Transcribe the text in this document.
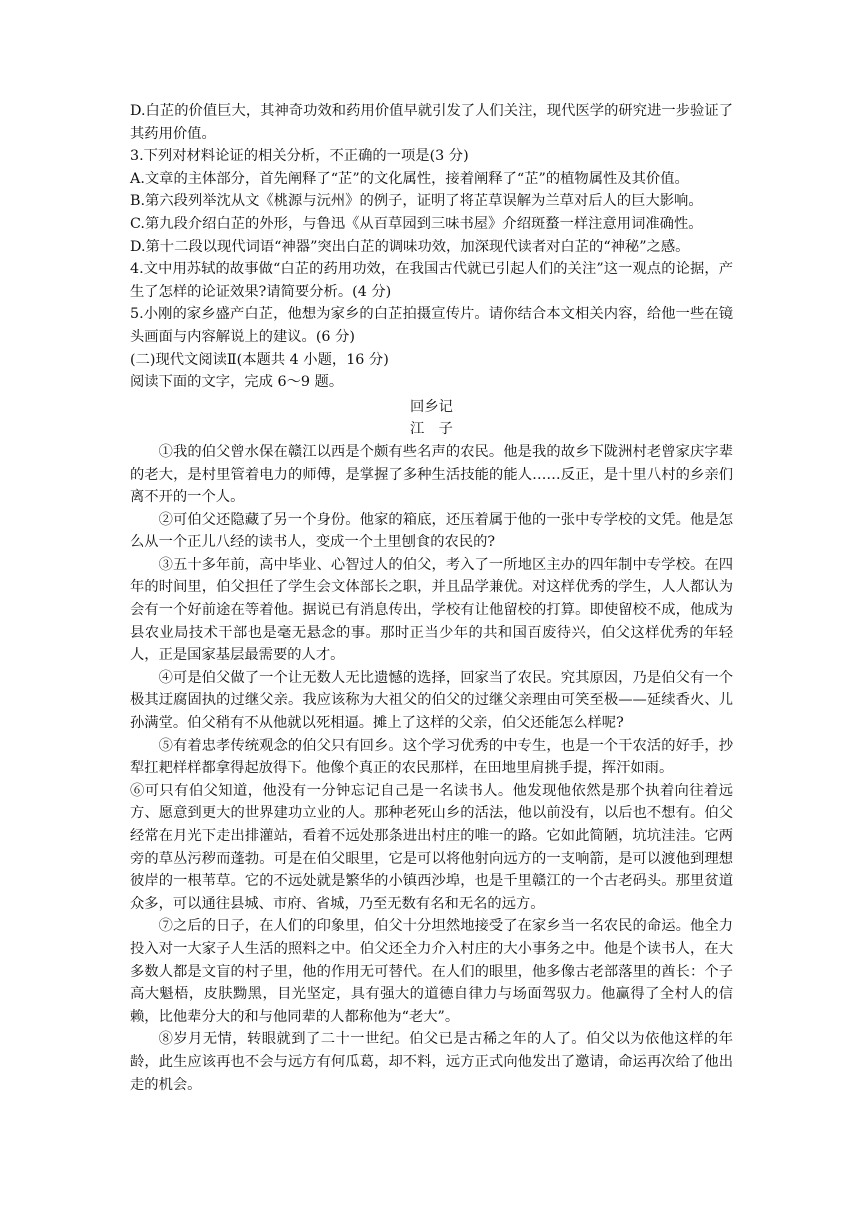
D.白芷的价值巨大，其神奇功效和药用价值早就引发了人们关注，现代医学的研究进一步验证了其药用价值。

3.下列对材料论证的相关分析，不正确的一项是(3 分)

A.文章的主体部分，首先阐释了“芷”的文化属性，接着阐释了“芷”的植物属性及其价值。

B.第六段列举沈从文《桃源与沅州》的例子，证明了将芷草误解为兰草对后人的巨大影响。

C.第九段介绍白芷的外形，与鲁迅《从百草园到三味书屋》介绍斑蝥一样注意用词准确性。

D.第十二段以现代词语“神器”突出白芷的调味功效，加深现代读者对白芷的“神秘”之感。

4.文中用苏轼的故事做“白芷的药用功效，在我国古代就已引起人们的关注”这一观点的论据，产生了怎样的论证效果?请简要分析。(4 分)

5.小刚的家乡盛产白芷，他想为家乡的白芷拍摄宣传片。请你结合本文相关内容，给他一些在镜头画面与内容解说上的建议。(6 分)

(二)现代文阅读Ⅱ(本题共 4 小题，16 分)

阅读下面的文字，完成 6～9 题。

回乡记

江子

①我的伯父曾水保在赣江以西是个颇有些名声的农民。他是我的故乡下陇洲村老曾家庆字辈的老大，是村里管着电力的师傅，是掌握了多种生活技能的能人……反正，是十里八村的乡亲们离不开的一个人。

②可伯父还隐藏了另一个身份。他家的箱底，还压着属于他的一张中专学校的文凭。他是怎么从一个正儿八经的读书人，变成一个土里刨食的农民的?

③五十多年前，高中毕业、心智过人的伯父，考入了一所地区主办的四年制中专学校。在四年的时间里，伯父担任了学生会文体部长之职，并且品学兼优。对这样优秀的学生，人人都认为会有一个好前途在等着他。据说已有消息传出，学校有让他留校的打算。即使留校不成，他成为县农业局技术干部也是毫无悬念的事。那时正当少年的共和国百废待兴，伯父这样优秀的年轻人，正是国家基层最需要的人才。

④可是伯父做了一个让无数人无比遗憾的选择，回家当了农民。究其原因，乃是伯父有一个极其迂腐固执的过继父亲。我应该称为大祖父的伯父的过继父亲理由可笑至极——延续香火、儿孙满堂。伯父稍有不从他就以死相逼。摊上了这样的父亲，伯父还能怎么样呢?

⑤有着忠孝传统观念的伯父只有回乡。这个学习优秀的中专生，也是一个干农活的好手，抄犁扛耙样样都拿得起放得下。他像个真正的农民那样，在田地里肩挑手提，挥汗如雨。

⑥可只有伯父知道，他没有一分钟忘记自己是一名读书人。他发现他依然是那个执着向往着远方、愿意到更大的世界建功立业的人。那种老死山乡的活法，他以前没有，以后也不想有。伯父经常在月光下走出排灌站，看着不远处那条进出村庄的唯一的路。它如此简陋，坑坑洼洼。它两旁的草丛污秽而蓬勃。可是在伯父眼里，它是可以将他射向远方的一支响箭，是可以渡他到理想彼岸的一根苇草。它的不远处就是繁华的小镇西沙埠，也是千里赣江的一个古老码头。那里贫道众多，可以通往县城、市府、省城，乃至无数有名和无名的远方。

⑦之后的日子，在人们的印象里，伯父十分坦然地接受了在家乡当一名农民的命运。他全力投入对一大家子人生活的照料之中。伯父还全力介入村庄的大小事务之中。他是个读书人，在大多数人都是文盲的村子里，他的作用无可替代。在人们的眼里，他多像古老部落里的酋长：个子高大魁梧，皮肤黝黑，目光坚定，具有强大的道德自律力与场面驾驭力。他赢得了全村人的信赖，比他辈分大的和与他同辈的人都称他为“老大”。

⑧岁月无情，转眼就到了二十一世纪。伯父已是古稀之年的人了。伯父以为依他这样的年龄，此生应该再也不会与远方有何瓜葛，却不料，远方正式向他发出了邀请，命运再次给了他出走的机会。
